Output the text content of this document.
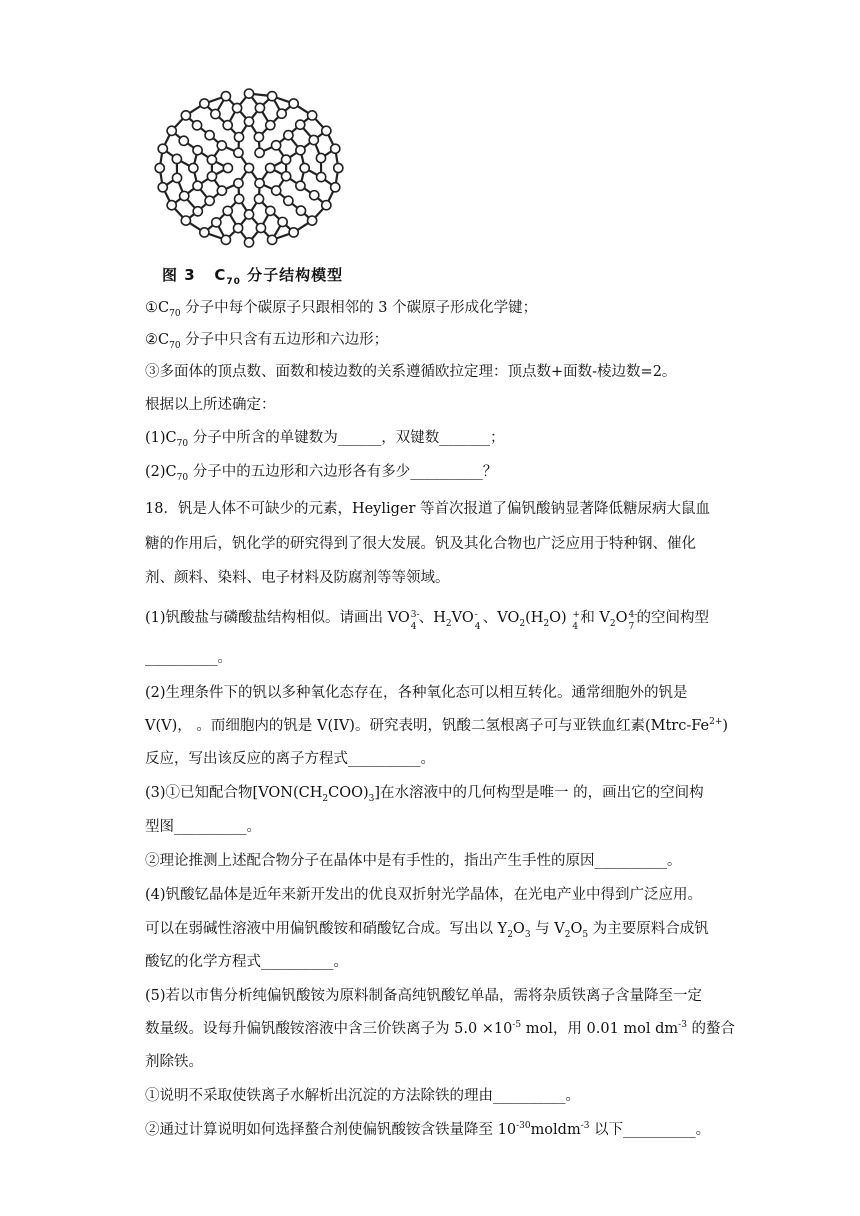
图 3 $C_{70}$ 分子结构模型
$①C_{70}$ 分子中每个碳原子只跟相邻的 3 个碳原子形成化学键；
$②C_{70}$ 分子中只含有五边形和六边形；
③多面体的顶点数、面数和棱边数的关系遵循欧拉定理：顶点数+面数-棱边数=2。
根据以上所述确定：
$(1)C_{70}$ 分子中所含的单键数为______，双键数_______；
$(2)C_{70}$ 分子中的五边形和六边形各有多少__________？
18．钒是人体不可缺少的元素，Heyliger 等首次报道了偏钒酸钠显著降低糖尿病大鼠血
糖的作用后，钒化学的研究得到了很大发展。钒及其化合物也广泛应用于特种钢、催化
剂、颜料、染料、电子材料及防腐剂等等领域。
(1)钒酸盐与磷酸盐结构相似。请画出 VO 3-
4
、$H_2VO$ -
4
、$VO_2(H_2O)$ +
4
和 $V_2O$ 4-
7
的空间构型
__________。
(2)生理条件下的钒以多种氧化态存在，各种氧化态可以相互转化。通常细胞外的钒是
V(V)， 。而细胞内的钒是 V(IV)。研究表明，钒酸二氢根离子可与亚铁血红素$(Mtrc-Fe^{2+})$
反应，写出该反应的离子方程式__________。
(3)①已知配合物$[VON(CH_2COO)_3]$在水溶液中的几何构型是唯一 的，画出它的空间构
型图__________。
②理论推测上述配合物分子在晶体中是有手性的，指出产生手性的原因__________。
(4)钒酸钇晶体是近年来新开发出的优良双折射光学晶体，在光电产业中得到广泛应用。
可以在弱碱性溶液中用偏钒酸铵和硝酸钇合成。写出以 $Y_2O_3$ 与 $V_2O_5$ 为主要原料合成钒
酸钇的化学方程式__________。
(5)若以市售分析纯偏钒酸铵为原料制备高纯钒酸钇单晶，需将杂质铁离子含量降至一定
数量级。设每升偏钒酸铵溶液中含三价铁离子为 $5.0 \times 10^{-5}$ mol，用 0.01 mol $dm^{-3}$ 的螯合
剂除铁。
①说明不采取使铁离子水解析出沉淀的方法除铁的理由__________。
②通过计算说明如何选择螯合剂使偏钒酸铵含铁量降至 $10^{-30}moldm^{-3}$ 以下__________。
